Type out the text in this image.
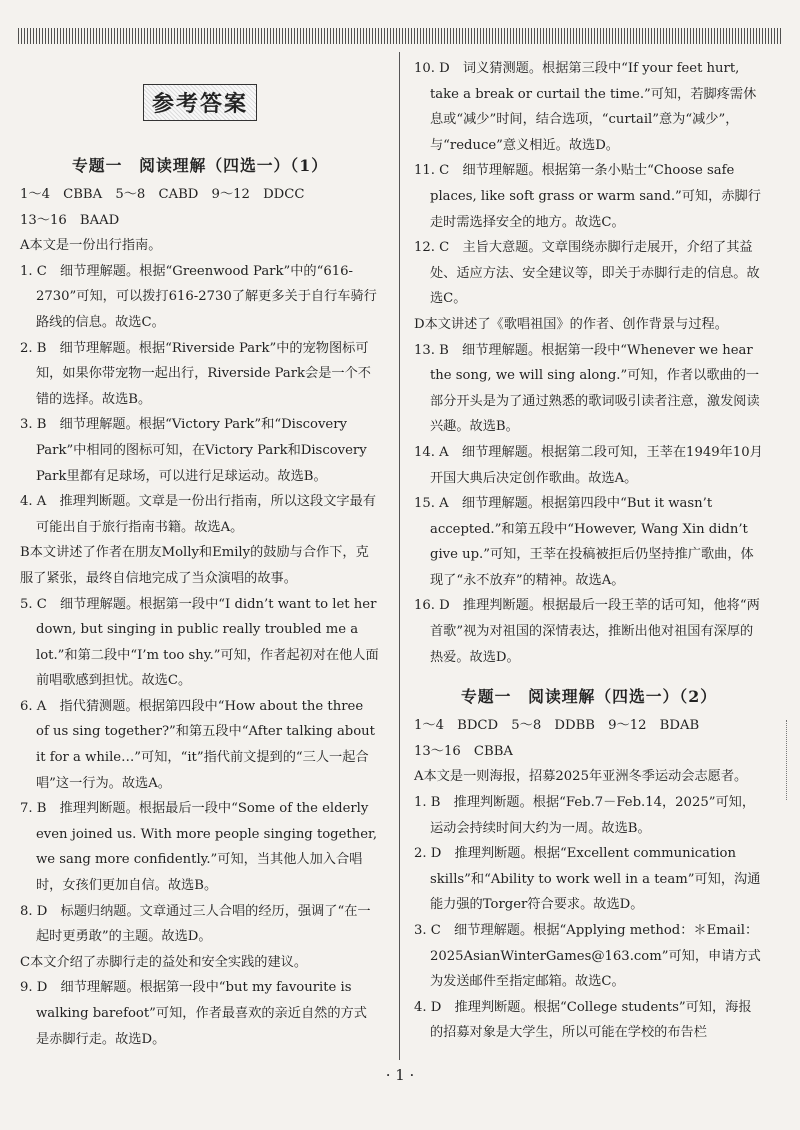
参考答案
专题一　阅读理解（四选一）（1）

1～4　CBBA　5～8　CABD　9～12　DDCC

13～16　BAAD

A本文是一份出行指南。

1. C　细节理解题。根据“Greenwood Park”中的“616-2730”可知，可以拨打616-2730了解更多关于自行车骑行路线的信息。故选C。

2. B　细节理解题。根据“Riverside Park”中的宠物图标可知，如果你带宠物一起出行，Riverside Park会是一个不错的选择。故选B。

3. B　细节理解题。根据“Victory Park”和“Discovery Park”中相同的图标可知，在Victory Park和Discovery Park里都有足球场，可以进行足球运动。故选B。

4. A　推理判断题。文章是一份出行指南，所以这段文字最有可能出自于旅行指南书籍。故选A。

B本文讲述了作者在朋友Molly和Emily的鼓励与合作下，克服了紧张，最终自信地完成了当众演唱的故事。

5. C　细节理解题。根据第一段中“I didn’t want to let her down, but singing in public really troubled me a lot.”和第二段中“I’m too shy.”可知，作者起初对在他人面前唱歌感到担忧。故选C。

6. A　指代猜测题。根据第四段中“How about the three of us sing together?”和第五段中“After talking about it for a while…”可知，“it”指代前文提到的“三人一起合唱”这一行为。故选A。

7. B　推理判断题。根据最后一段中“Some of the elderly even joined us. With more people singing together, we sang more confidently.”可知，当其他人加入合唱时，女孩们更加自信。故选B。

8. D　标题归纳题。文章通过三人合唱的经历，强调了“在一起时更勇敢”的主题。故选D。

C本文介绍了赤脚行走的益处和安全实践的建议。

9. D　细节理解题。根据第一段中“but my favourite is walking barefoot”可知，作者最喜欢的亲近自然的方式是赤脚行走。故选D。

10. D　词义猜测题。根据第三段中“If your feet hurt, take a break or curtail the time.”可知，若脚疼需休息或“减少”时间，结合选项，“curtail”意为“减少”，与“reduce”意义相近。故选D。

11. C　细节理解题。根据第一条小贴士“Choose safe places, like soft grass or warm sand.”可知，赤脚行走时需选择安全的地方。故选C。

12. C　主旨大意题。文章围绕赤脚行走展开，介绍了其益处、适应方法、安全建议等，即关于赤脚行走的信息。故选C。

D本文讲述了《歌唱祖国》的作者、创作背景与过程。

13. B　细节理解题。根据第一段中“Whenever we hear the song, we will sing along.”可知，作者以歌曲的一部分开头是为了通过熟悉的歌词吸引读者注意，激发阅读兴趣。故选B。

14. A　细节理解题。根据第二段可知，王莘在1949年10月开国大典后决定创作歌曲。故选A。

15. A　细节理解题。根据第四段中“But it wasn’t accepted.”和第五段中“However, Wang Xin didn’t give up.”可知，王莘在投稿被拒后仍坚持推广歌曲，体现了“永不放弃”的精神。故选A。

16. D　推理判断题。根据最后一段王莘的话可知，他将“两首歌”视为对祖国的深情表达，推断出他对祖国有深厚的热爱。故选D。

专题一　阅读理解（四选一）（2）

1～4　BDCD　5～8　DDBB　9～12　BDAB

13～16　CBBA

A本文是一则海报，招募2025年亚洲冬季运动会志愿者。

1. B　推理判断题。根据“Feb.7－Feb.14，2025”可知，运动会持续时间大约为一周。故选B。

2. D　推理判断题。根据“Excellent communication skills”和“Ability to work well in a team”可知，沟通能力强的Torger符合要求。故选D。

3. C　细节理解题。根据“Applying method：＊Email：2025AsianWinterGames@163.com”可知，申请方式为发送邮件至指定邮箱。故选C。

4. D　推理判断题。根据“College students”可知，海报的招募对象是大学生，所以可能在学校的布告栏

· 1 ·
